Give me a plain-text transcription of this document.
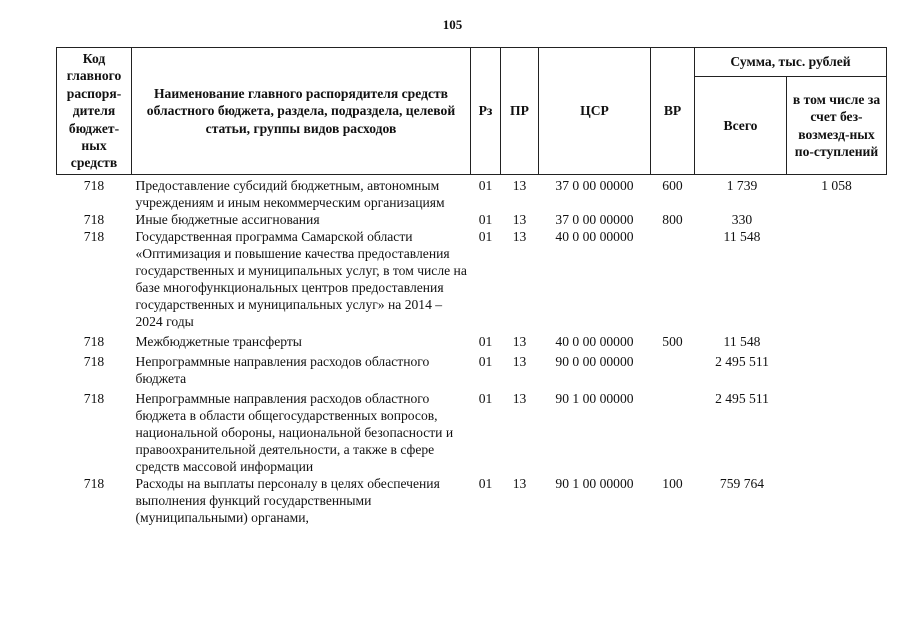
105
Код главного распоря-дителя бюджет-ных средств	Наименование главного распорядителя средств областного бюджета, раздела, подраздела, целевой статьи, группы видов расходов	Рз	ПР	ЦСР	ВР	Сумма, тыс. рублей	
						Всего	в том числе за счет без-возмезд-ных по-ступлений
718	Предоставление субсидий бюджетным, автономным учреждениям и иным некоммерческим организациям	01	13	37 0 00 00000	600	1 739	1 058
718	Иные бюджетные ассигнования	01	13	37 0 00 00000	800	330	
718	Государственная программа Самарской области «Оптимизация и повышение качества предоставления государственных и муниципальных услуг, в том числе на базе многофункциональных центров предоставления государственных и муниципальных услуг» на 2014 – 2024 годы	01	13	40 0 00 00000		11 548	
718	Межбюджетные трансферты	01	13	40 0 00 00000	500	11 548	
718	Непрограммные направления расходов областного бюджета	01	13	90 0 00 00000		2 495 511	
718	Непрограммные направления расходов областного бюджета в области общегосударственных вопросов, национальной обороны, национальной безопасности и правоохранительной деятельности, а также в сфере средств массовой информации	01	13	90 1 00 00000		2 495 511	
718	Расходы на выплаты персоналу в целях обеспечения выполнения функций государственными (муниципальными) органами,	01	13	90 1 00 00000	100	759 764	
